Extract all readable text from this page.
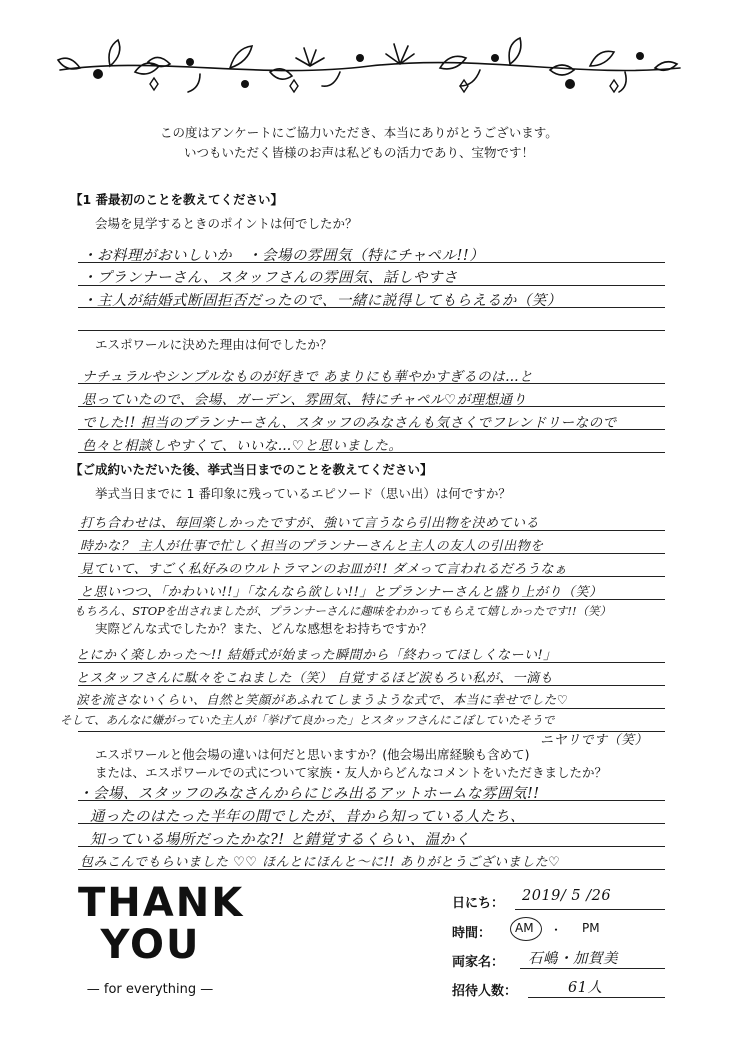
この度はアンケートにご協力いただき、本当にありがとうございます。
いつもいただく皆様のお声は私どもの活力であり、宝物です！
【1 番最初のことを教えてください】
会場を見学するときのポイントは何でしたか？
・お料理がおいしいか　・会場の雰囲気（特にチャペル!!）
・プランナーさん、スタッフさんの雰囲気、話しやすさ
・主人が結婚式断固拒否だったので、一緒に説得してもらえるか（笑）
エスポワールに決めた理由は何でしたか？
ナチュラルやシンプルなものが好きで あまりにも華やかすぎるのは…と
思っていたので、会場、ガーデン、雰囲気、特にチャペル♡が理想通り
でした!! 担当のプランナーさん、スタッフのみなさんも気さくでフレンドリーなので
色々と相談しやすくて、いいな…♡と思いました。
【ご成約いただいた後、挙式当日までのことを教えてください】
挙式当日までに 1 番印象に残っているエピソード（思い出）は何ですか？
打ち合わせは、毎回楽しかったですが、強いて言うなら引出物を決めている
時かな？ 主人が仕事で忙しく担当のプランナーさんと主人の友人の引出物を
見ていて、すごく私好みのウルトラマンのお皿が!! ダメって言われるだろうなぁ
と思いつつ、「かわいい!!」「なんなら欲しい!!」とプランナーさんと盛り上がり（笑）
もちろん、STOPを出されましたが、プランナーさんに趣味をわかってもらえて嬉しかったです!!（笑）
実際どんな式でしたか？また、どんな感想をお持ちですか？
とにかく楽しかった〜!! 結婚式が始まった瞬間から「終わってほしくなーい!」
とスタッフさんに駄々をこねました（笑） 自覚するほど涙もろい私が、一滴も
涙を流さないくらい、自然と笑顔があふれてしまうような式で、本当に幸せでした♡
そして、あんなに嫌がっていた主人が「挙げて良かった」とスタッフさんにこぼしていたそうで
ニヤリです（笑）
エスポワールと他会場の違いは何だと思いますか？(他会場出席経験も含めて)
または、エスポワールでの式について家族・友人からどんなコメントをいただきましたか？
・会場、スタッフのみなさんからにじみ出るアットホームな雰囲気!!
通ったのはたった半年の間でしたが、昔から知っている人たち、
知っている場所だったかな?! と錯覚するくらい、温かく
包みこんでもらいました ♡♡ ほんとにほんと〜に!! ありがとうございました♡
THANK
YOU
— for everything —
日にち： 2019/ 5 /26
時間： AM ・ PM
両家名： 石嶋・加賀美
招待人数：	61人
